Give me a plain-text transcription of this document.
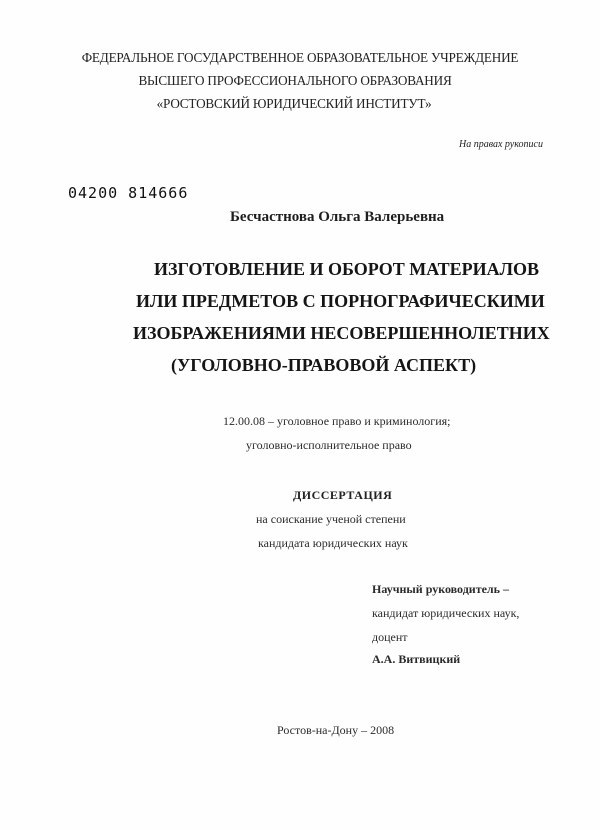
ФЕДЕРАЛЬНОЕ ГОСУДАРСТВЕННОЕ ОБРАЗОВАТЕЛЬНОЕ УЧРЕЖДЕНИЕ
ВЫСШЕГО ПРОФЕССИОНАЛЬНОГО ОБРАЗОВАНИЯ
«РОСТОВСКИЙ ЮРИДИЧЕСКИЙ ИНСТИТУТ»
На правах рукописи
04200 814666
Бесчастнова Ольга Валерьевна
ИЗГОТОВЛЕНИЕ И ОБОРОТ МАТЕРИАЛОВ
ИЛИ ПРЕДМЕТОВ С ПОРНОГРАФИЧЕСКИМИ
ИЗОБРАЖЕНИЯМИ НЕСОВЕРШЕННОЛЕТНИХ
(УГОЛОВНО-ПРАВОВОЙ АСПЕКТ)
12.00.08 – уголовное право и криминология;
уголовно-исполнительное право
ДИССЕРТАЦИЯ
на соискание ученой степени
кандидата юридических наук
Научный руководитель –
кандидат юридических наук,
доцент
А.А. Витвицкий
Ростов-на-Дону – 2008
